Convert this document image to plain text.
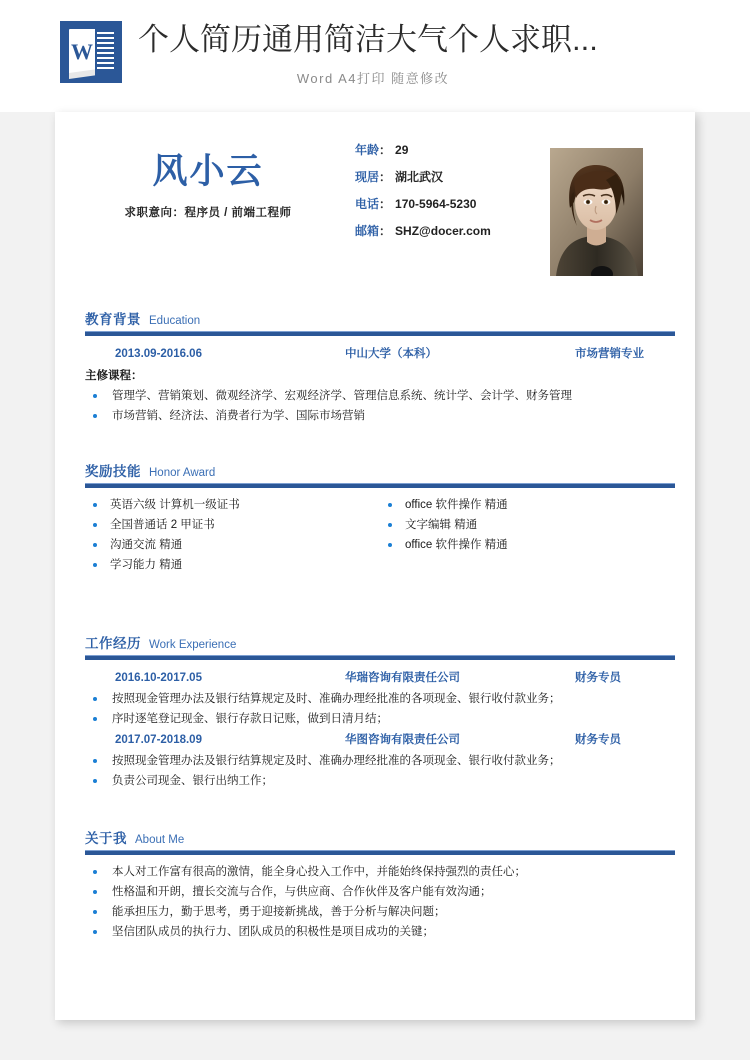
W 个人简历通用简洁大气个人求职...
Word A4打印 随意修改
风小云
求职意向：程序员 / 前端工程师
年龄： 29
现居： 湖北武汉
电话： 170-5964-5230
邮箱： SHZ@docer.com
教育背景 Education
2013.09-2016.06	中山大学（本科）	市场营销专业
主修课程：
管理学、营销策划、微观经济学、宏观经济学、管理信息系统、统计学、会计学、财务管理
市场营销、经济法、消费者行为学、国际市场营销
奖励技能 Honor Award
英语六级 计算机一级证书
全国普通话 2 甲证书
沟通交流 精通
学习能力 精通
office 软件操作 精通
文字编辑 精通
office 软件操作 精通
工作经历 Work Experience
2016.10-2017.05	华瑞咨询有限责任公司	财务专员
按照现金管理办法及银行结算规定及时、准确办理经批准的各项现金、银行收付款业务；
序时逐笔登记现金、银行存款日记账，做到日清月结；
2017.07-2018.09	华图咨询有限责任公司	财务专员
按照现金管理办法及银行结算规定及时、准确办理经批准的各项现金、银行收付款业务；
负责公司现金、银行出纳工作；
关于我 About Me
本人对工作富有很高的激情，能全身心投入工作中，并能始终保持强烈的责任心；
性格温和开朗，擅长交流与合作，与供应商、合作伙伴及客户能有效沟通；
能承担压力，勤于思考，勇于迎接新挑战，善于分析与解决问题；
坚信团队成员的执行力、团队成员的积极性是项目成功的关键；
